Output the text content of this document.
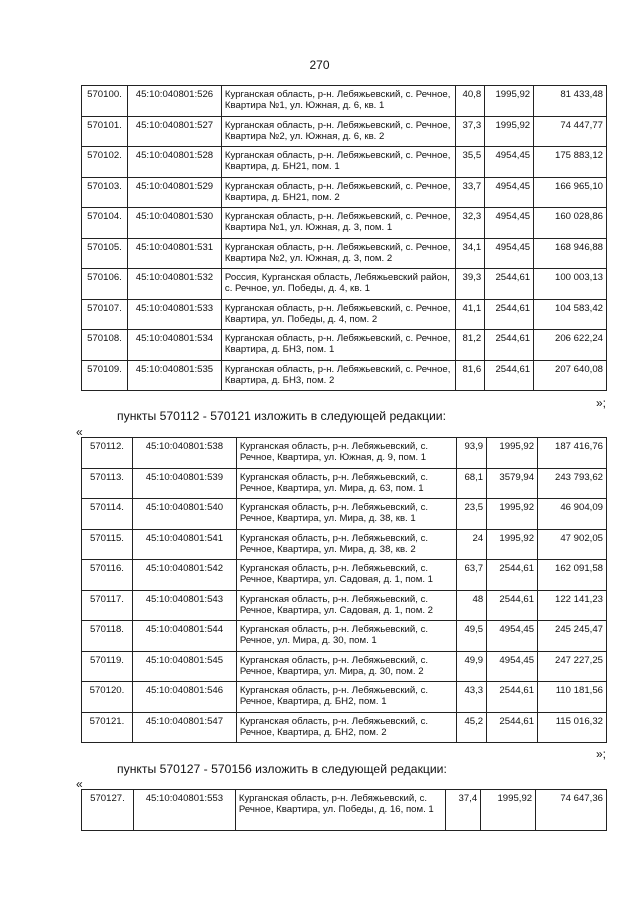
270
570100.	45:10:040801:526	Курганская область, р-н. Лебяжьевский, с. Речное, Квартира №1, ул. Южная, д. 6, кв. 1	40,8	1995,92	81 433,48
570101.	45:10:040801:527	Курганская область, р-н. Лебяжьевский, с. Речное, Квартира №2, ул. Южная, д. 6, кв. 2	37,3	1995,92	74 447,77
570102.	45:10:040801:528	Курганская область, р-н. Лебяжьевский, с. Речное, Квартира, д. БН21, пом. 1	35,5	4954,45	175 883,12
570103.	45:10:040801:529	Курганская область, р-н. Лебяжьевский, с. Речное, Квартира, д. БН21, пом. 2	33,7	4954,45	166 965,10
570104.	45:10:040801:530	Курганская область, р-н. Лебяжьевский, с. Речное, Квартира №1, ул. Южная, д. 3, пом. 1	32,3	4954,45	160 028,86
570105.	45:10:040801:531	Курганская область, р-н. Лебяжьевский, с. Речное, Квартира №2, ул. Южная, д. 3, пом. 2	34,1	4954,45	168 946,88
570106.	45:10:040801:532	Россия, Курганская область, Лебяжьевский район, с. Речное, ул. Победы, д. 4, кв. 1	39,3	2544,61	100 003,13
570107.	45:10:040801:533	Курганская область, р-н. Лебяжьевский, с. Речное, Квартира, ул. Победы, д. 4, пом. 2	41,1	2544,61	104 583,42
570108.	45:10:040801:534	Курганская область, р-н. Лебяжьевский, с. Речное, Квартира, д. БН3, пом. 1	81,2	2544,61	206 622,24
570109.	45:10:040801:535	Курганская область, р-н. Лебяжьевский, с. Речное, Квартира, д. БН3, пом. 2	81,6	2544,61	207 640,08
»;
пункты 570112 - 570121 изложить в следующей редакции:
«
570112.	45:10:040801:538	Курганская область, р-н. Лебяжьевский, с. Речное, Квартира, ул. Южная, д. 9, пом. 1	93,9	1995,92	187 416,76
570113.	45:10:040801:539	Курганская область, р-н. Лебяжьевский, с. Речное, Квартира, ул. Мира, д. 63, пом. 1	68,1	3579,94	243 793,62
570114.	45:10:040801:540	Курганская область, р-н. Лебяжьевский, с. Речное, Квартира, ул. Мира, д. 38, кв. 1	23,5	1995,92	46 904,09
570115.	45:10:040801:541	Курганская область, р-н. Лебяжьевский, с. Речное, Квартира, ул. Мира, д. 38, кв. 2	24	1995,92	47 902,05
570116.	45:10:040801:542	Курганская область, р-н. Лебяжьевский, с. Речное, Квартира, ул. Садовая, д. 1, пом. 1	63,7	2544,61	162 091,58
570117.	45:10:040801:543	Курганская область, р-н. Лебяжьевский, с. Речное, Квартира, ул. Садовая, д. 1, пом. 2	48	2544,61	122 141,23
570118.	45:10:040801:544	Курганская область, р-н. Лебяжьевский, с. Речное, ул. Мира, д. 30, пом. 1	49,5	4954,45	245 245,47
570119.	45:10:040801:545	Курганская область, р-н. Лебяжьевский, с. Речное, Квартира, ул. Мира, д. 30, пом. 2	49,9	4954,45	247 227,25
570120.	45:10:040801:546	Курганская область, р-н. Лебяжьевский, с. Речное, Квартира, д. БН2, пом. 1	43,3	2544,61	110 181,56
570121.	45:10:040801:547	Курганская область, р-н. Лебяжьевский, с. Речное, Квартира, д. БН2, пом. 2	45,2	2544,61	115 016,32
»;
пункты 570127 - 570156 изложить в следующей редакции:
«
570127.	45:10:040801:553	Курганская область, р-н. Лебяжьевский, с. Речное, Квартира, ул. Победы, д. 16, пом. 1	37,4	1995,92	74 647,36
